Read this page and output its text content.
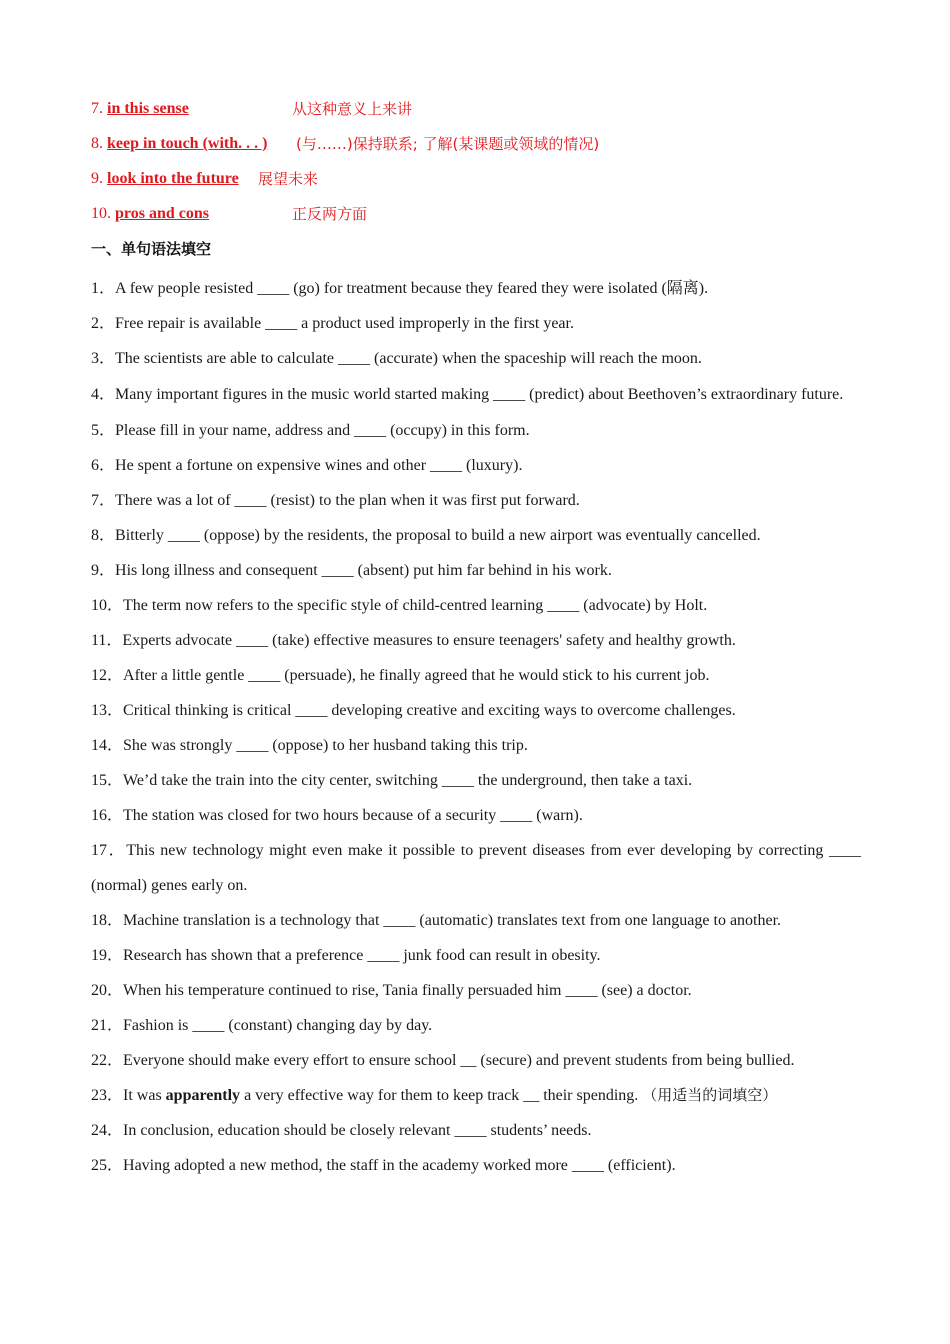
7. in this sense	从这种意义上来讲
8. keep in touch (with. . . ) (与……)保持联系; 了解(某课题或领域的情况)
9. look into the future 展望未来
10. pros and cons	正反两方面
一、单句语法填空
1．A few people resisted ____ (go) for treatment because they feared they were isolated (隔离).
2．Free repair is available ____ a product used improperly in the first year.
3．The scientists are able to calculate ____ (accurate) when the spaceship will reach the moon.
4．Many important figures in the music world started making ____ (predict) about Beethoven’s extraordinary future.
5．Please fill in your name, address and ____ (occupy) in this form.
6．He spent a fortune on expensive wines and other ____ (luxury).
7．There was a lot of ____ (resist) to the plan when it was first put forward.
8．Bitterly ____ (oppose) by the residents, the proposal to build a new airport was eventually cancelled.
9．His long illness and consequent ____ (absent) put him far behind in his work.
10．The term now refers to the specific style of child-centred learning ____ (advocate) by Holt.
11．Experts advocate ____ (take) effective measures to ensure teenagers' safety and healthy growth.
12．After a little gentle ____ (persuade), he finally agreed that he would stick to his current job.
13．Critical thinking is critical ____ developing creative and exciting ways to overcome challenges.
14．She was strongly ____ (oppose) to her husband taking this trip.
15．We’d take the train into the city center, switching ____ the underground, then take a taxi.
16．The station was closed for two hours because of a security ____ (warn).
17．This new technology might even make it possible to prevent diseases from ever developing by correcting ____ (normal) genes early on.
18．Machine translation is a technology that ____ (automatic) translates text from one language to another.
19．Research has shown that a preference ____ junk food can result in obesity.
20．When his temperature continued to rise, Tania finally persuaded him ____ (see) a doctor.
21．Fashion is ____ (constant) changing day by day.
22．Everyone should make every effort to ensure school __ (secure) and prevent students from being bullied.
23．It was apparently a very effective way for them to keep track __ their spending. （用适当的词填空）
24．In conclusion, education should be closely relevant ____ students’ needs.
25．Having adopted a new method, the staff in the academy worked more ____ (efficient).
